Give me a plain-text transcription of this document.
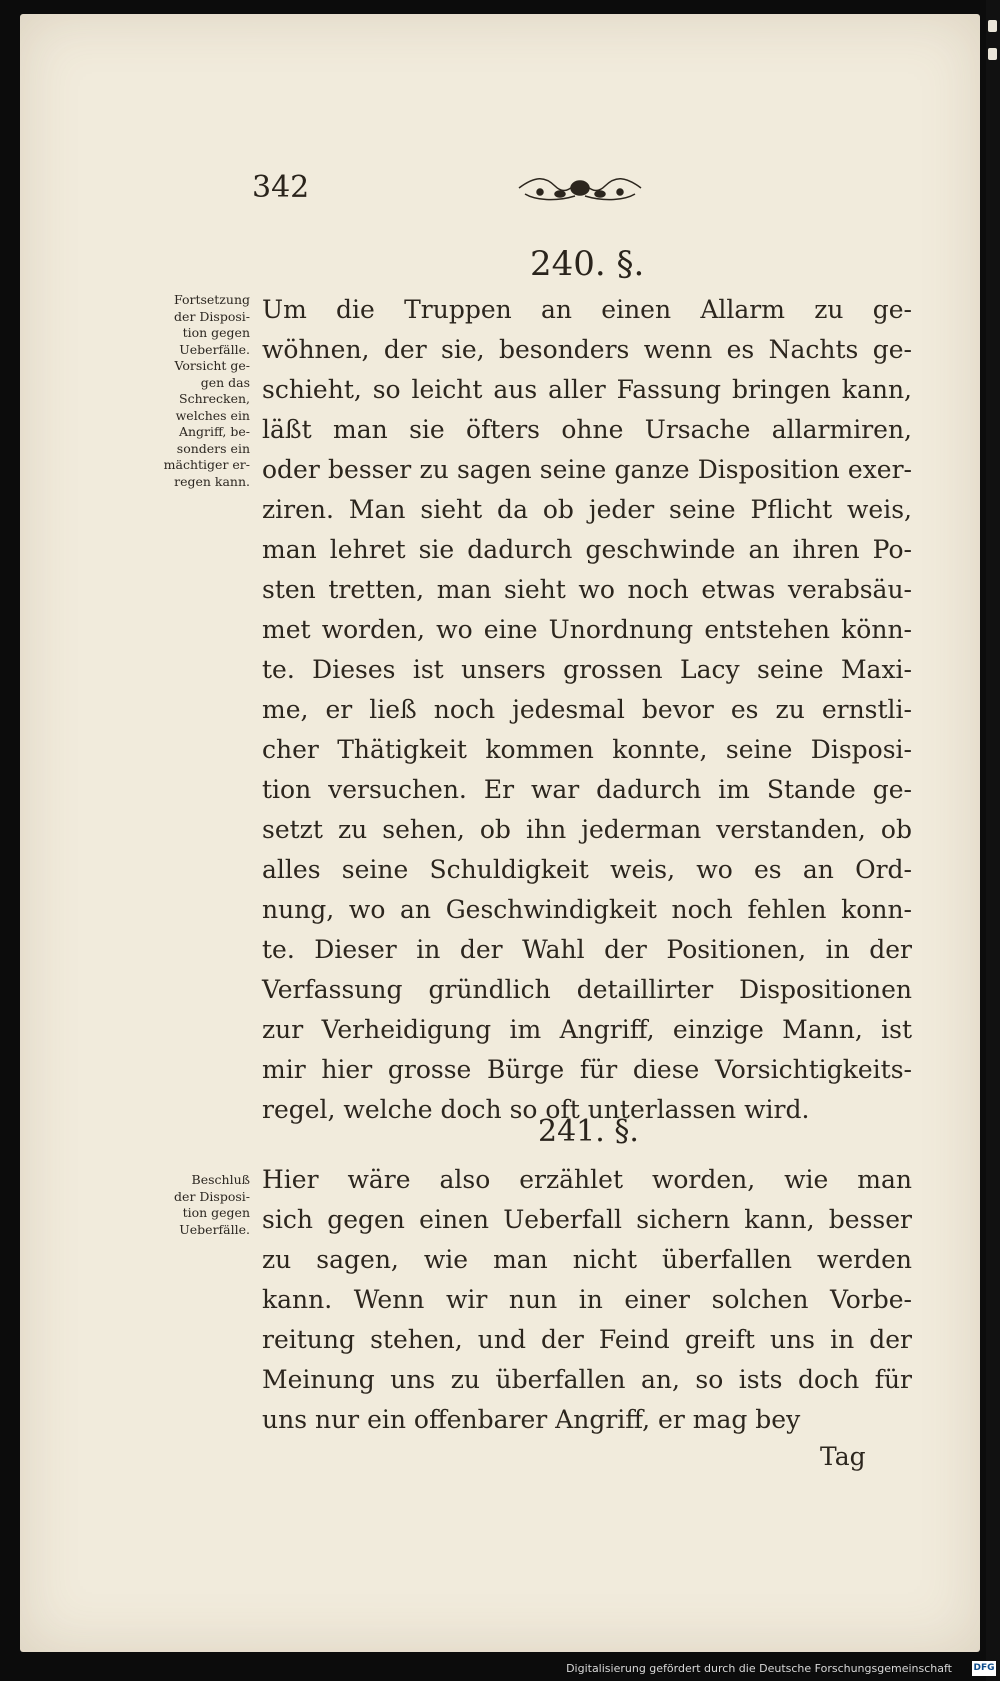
342
240. §.
Fortsetzung
der Disposi-
tion gegen
Ueberfälle.
Vorsicht ge-
gen das
Schrecken,
welches ein
Angriff, be-
sonders ein
mächtiger er-
regen kann.
Um die Truppen an einen Allarm zu ge-
wöhnen, der sie, besonders wenn es Nachts ge-
schieht, so leicht aus aller Fassung bringen kann,
läßt man sie öfters ohne Ursache allarmiren,
oder besser zu sagen seine ganze Disposition exer-
ziren. Man sieht da ob jeder seine Pflicht weis,
man lehret sie dadurch geschwinde an ihren Po-
sten tretten, man sieht wo noch etwas verabsäu-
met worden, wo eine Unordnung entstehen könn-
te. Dieses ist unsers grossen Lacy seine Maxi-
me, er ließ noch jedesmal bevor es zu ernstli-
cher Thätigkeit kommen konnte, seine Disposi-
tion versuchen. Er war dadurch im Stande ge-
setzt zu sehen, ob ihn jederman verstanden, ob
alles seine Schuldigkeit weis, wo es an Ord-
nung, wo an Geschwindigkeit noch fehlen konn-
te. Dieser in der Wahl der Positionen, in der
Verfassung gründlich detaillirter Dispositionen
zur Verheidigung im Angriff, einzige Mann, ist
mir hier grosse Bürge für diese Vorsichtigkeits-
regel, welche doch so oft unterlassen wird.
241. §.
Beschluß
der Disposi-
tion gegen
Ueberfälle.
Hier wäre also erzählet worden, wie man
sich gegen einen Ueberfall sichern kann, besser
zu sagen, wie man nicht überfallen werden
kann. Wenn wir nun in einer solchen Vorbe-
reitung stehen, und der Feind greift uns in der
Meinung uns zu überfallen an, so ists doch für
uns nur ein offenbarer Angriff, er mag bey
Tag
Digitalisierung gefördert durch die Deutsche Forschungsgemeinschaft DFG
